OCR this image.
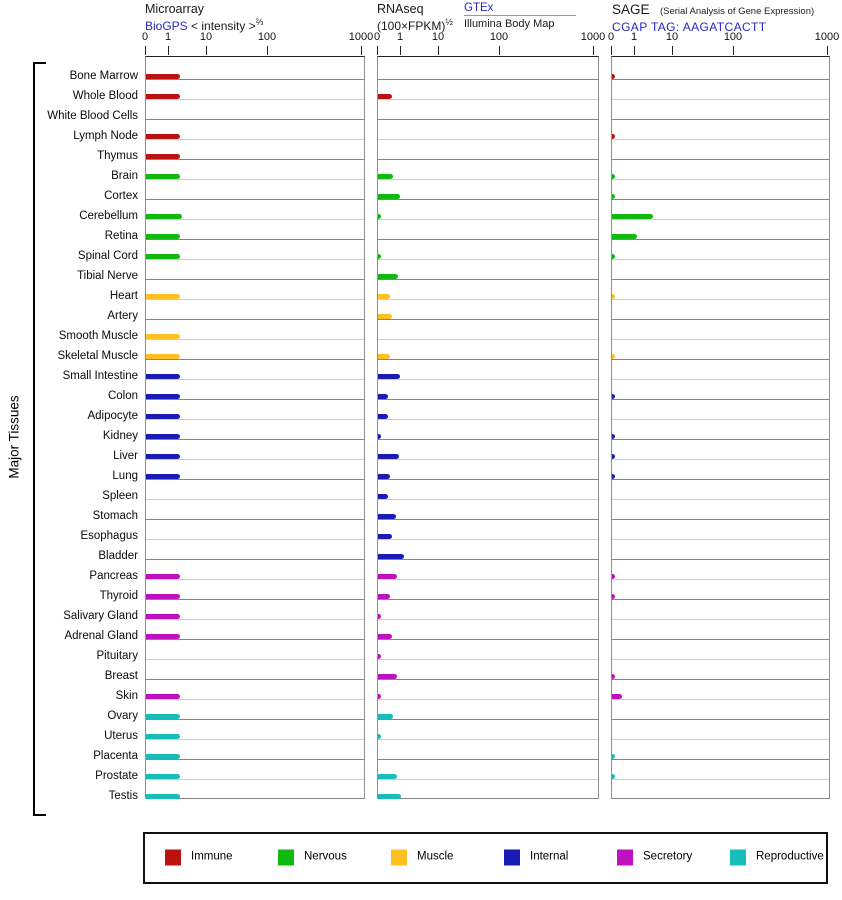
Microarray
BioGPS < intensity >$^{\frac{2}{3}}$
RNAseq
(100×FPKM)$^{\frac{1}{2}}$
GTEx
Illumina Body Map
SAGE (Serial Analysis of Gene Expression)
CGAP TAG: AAGATCACTT
Major Tissues
Bone Marrow
Whole Blood
White Blood Cells
Lymph Node
Thymus
Brain
Cortex
Cerebellum
Retina
Spinal Cord
Tibial Nerve
Heart
Artery
Smooth Muscle
Skeletal Muscle
Small Intestine
Colon
Adipocyte
Kidney
Liver
Lung
Spleen
Stomach
Esophagus
Bladder
Pancreas
Thyroid
Salivary Gland
Adrenal Gland
Pituitary
Breast
Skin
Ovary
Uterus
Placenta
Prostate
Testis
0	1	10	100	1000 0	1	10	100	1000 0	1	10	100	1000
Immune	Nervous	Muscle	Internal	Secretory	Reproductive
